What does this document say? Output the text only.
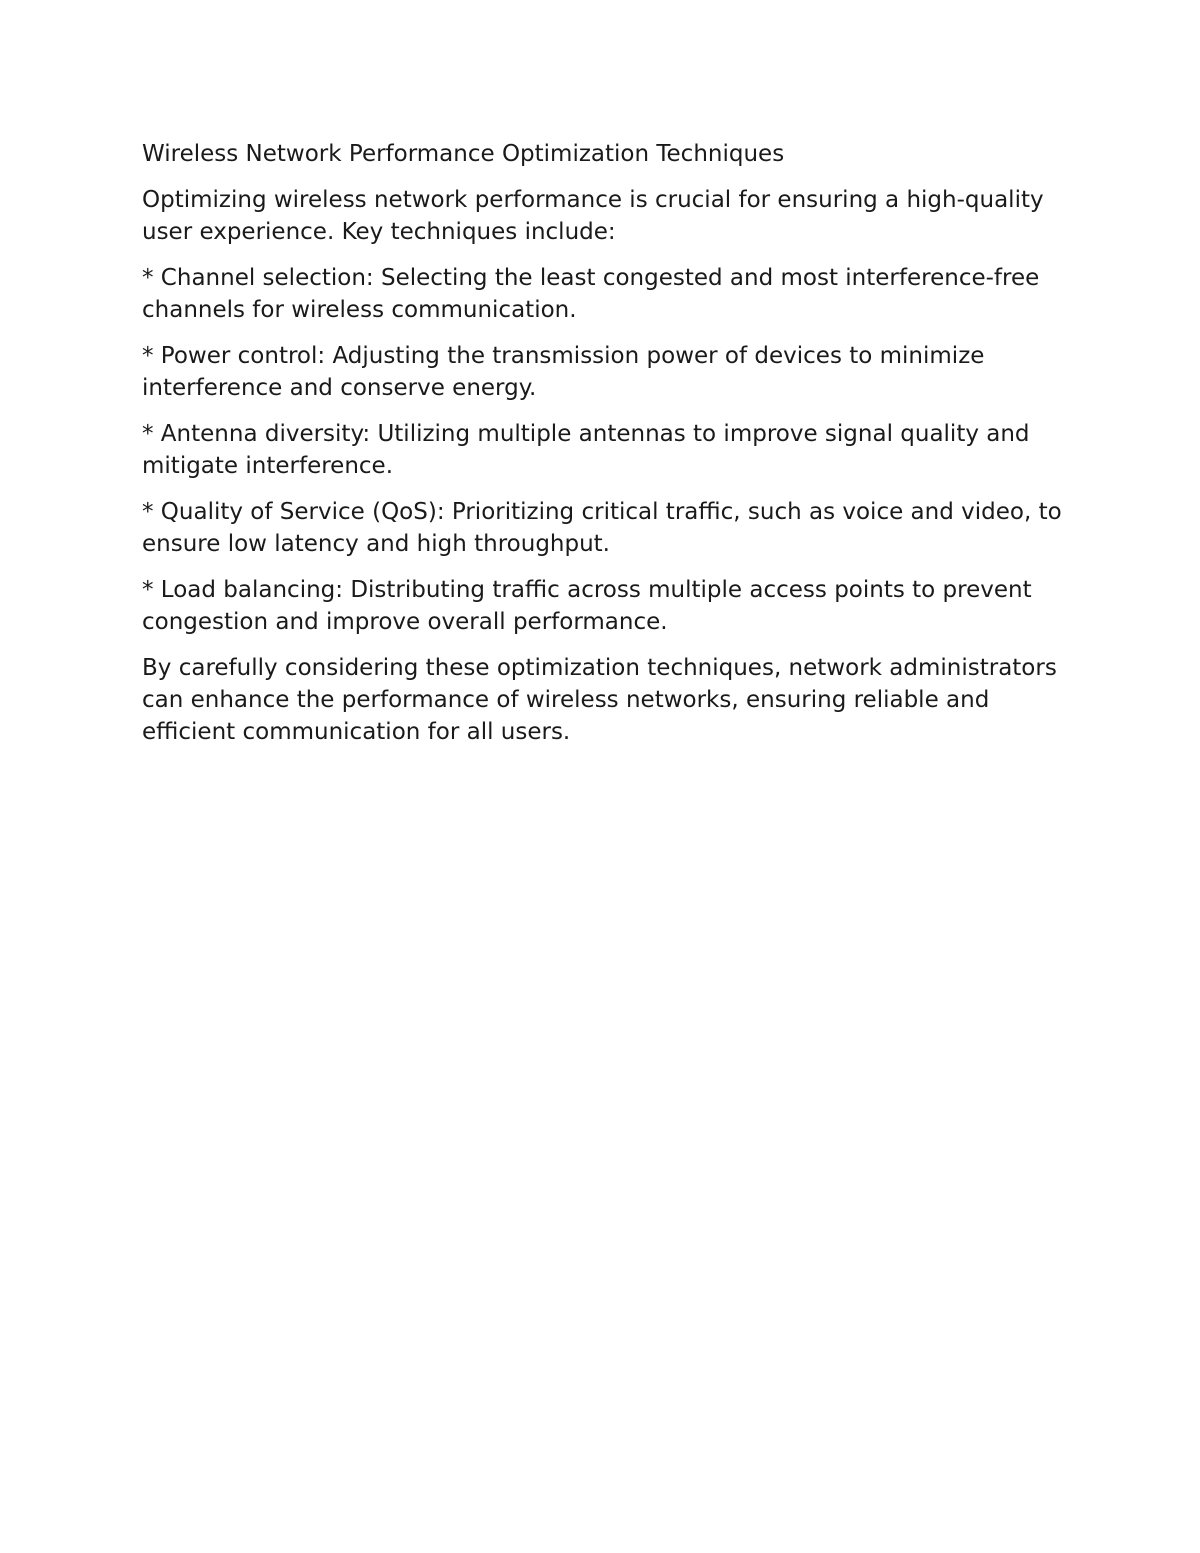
Wireless Network Performance Optimization Techniques

Optimizing wireless network performance is crucial for ensuring a high-quality user experience. Key techniques include:

* Channel selection: Selecting the least congested and most interference-free channels for wireless communication.

* Power control: Adjusting the transmission power of devices to minimize interference and conserve energy.

* Antenna diversity: Utilizing multiple antennas to improve signal quality and mitigate interference.

* Quality of Service (QoS): Prioritizing critical traffic, such as voice and video, to ensure low latency and high throughput.

* Load balancing: Distributing traffic across multiple access points to prevent congestion and improve overall performance.

By carefully considering these optimization techniques, network administrators can enhance the performance of wireless networks, ensuring reliable and efficient communication for all users.
